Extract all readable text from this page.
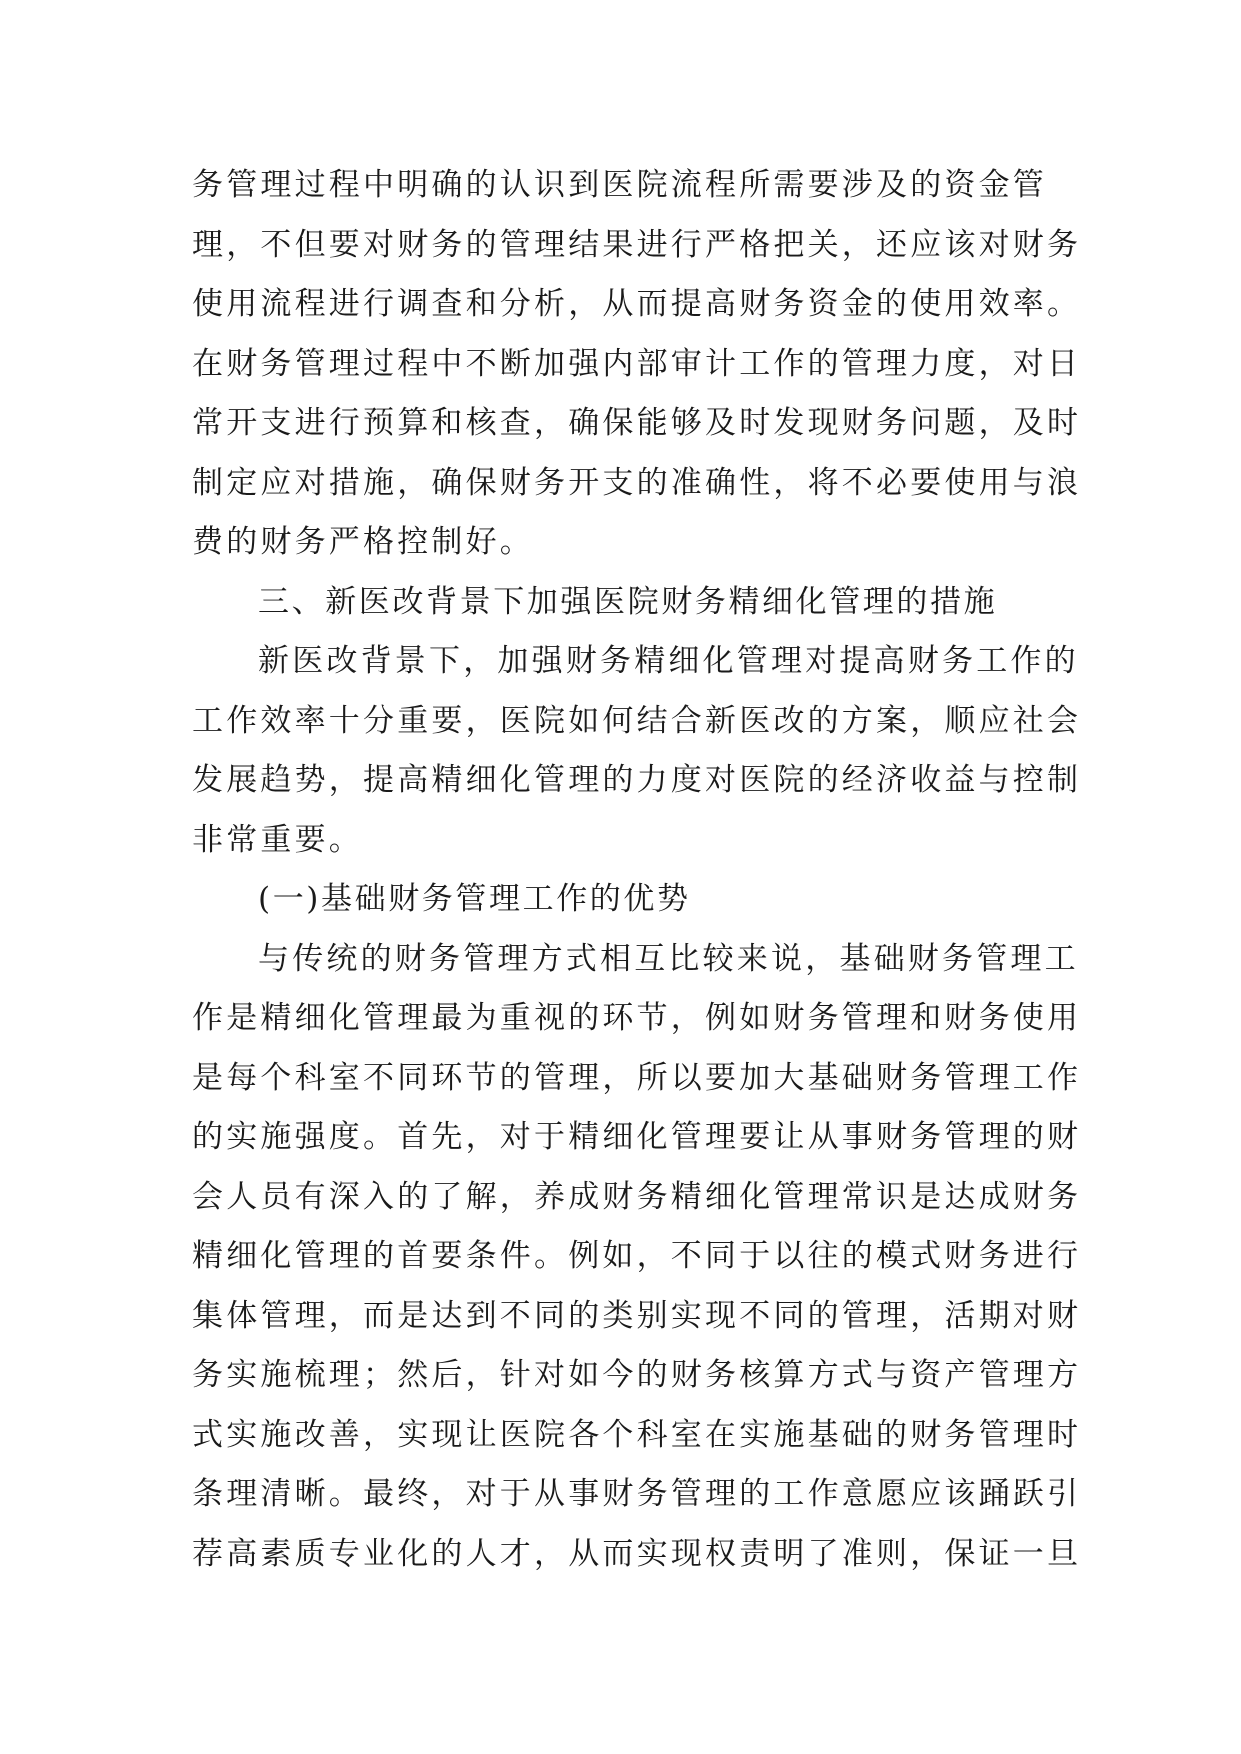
务管理过程中明确的认识到医院流程所需要涉及的资金管
理，不但要对财务的管理结果进行严格把关，还应该对财务
使用流程进行调查和分析，从而提高财务资金的使用效率。
在财务管理过程中不断加强内部审计工作的管理力度，对日
常开支进行预算和核查，确保能够及时发现财务问题，及时
制定应对措施，确保财务开支的准确性，将不必要使用与浪
费的财务严格控制好。
三、新医改背景下加强医院财务精细化管理的措施
新医改背景下，加强财务精细化管理对提高财务工作的
工作效率十分重要，医院如何结合新医改的方案，顺应社会
发展趋势，提高精细化管理的力度对医院的经济收益与控制
非常重要。
(一)基础财务管理工作的优势
与传统的财务管理方式相互比较来说，基础财务管理工
作是精细化管理最为重视的环节，例如财务管理和财务使用
是每个科室不同环节的管理，所以要加大基础财务管理工作
的实施强度。首先，对于精细化管理要让从事财务管理的财
会人员有深入的了解，养成财务精细化管理常识是达成财务
精细化管理的首要条件。例如，不同于以往的模式财务进行
集体管理，而是达到不同的类别实现不同的管理，活期对财
务实施梳理；然后，针对如今的财务核算方式与资产管理方
式实施改善，实现让医院各个科室在实施基础的财务管理时
条理清晰。最终，对于从事财务管理的工作意愿应该踊跃引
荐高素质专业化的人才，从而实现权责明了准则，保证一旦
